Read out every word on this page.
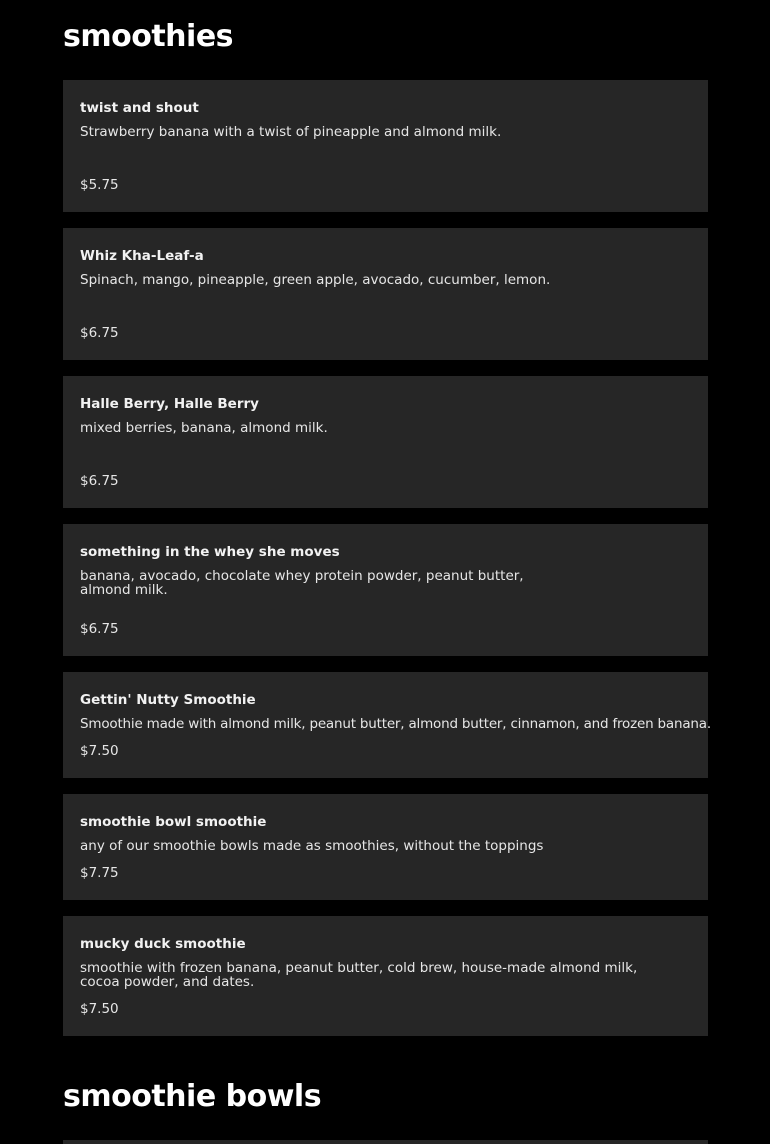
smoothies
twist and shout
Strawberry banana with a twist of pineapple and almond milk.
$5.75
Whiz Kha-Leaf-a
Spinach, mango, pineapple, green apple, avocado, cucumber, lemon.
$6.75
Halle Berry, Halle Berry
mixed berries, banana, almond milk.
$6.75
something in the whey she moves
banana, avocado, chocolate whey protein powder, peanut butter, almond milk.
$6.75
Gettin' Nutty Smoothie
Smoothie made with almond milk, peanut butter, almond butter, cinnamon, and frozen banana.
$7.50
smoothie bowl smoothie
any of our smoothie bowls made as smoothies, without the toppings
$7.75
mucky duck smoothie
smoothie with frozen banana, peanut butter, cold brew, house-made almond milk, cocoa powder, and dates.
$7.50
smoothie bowls
